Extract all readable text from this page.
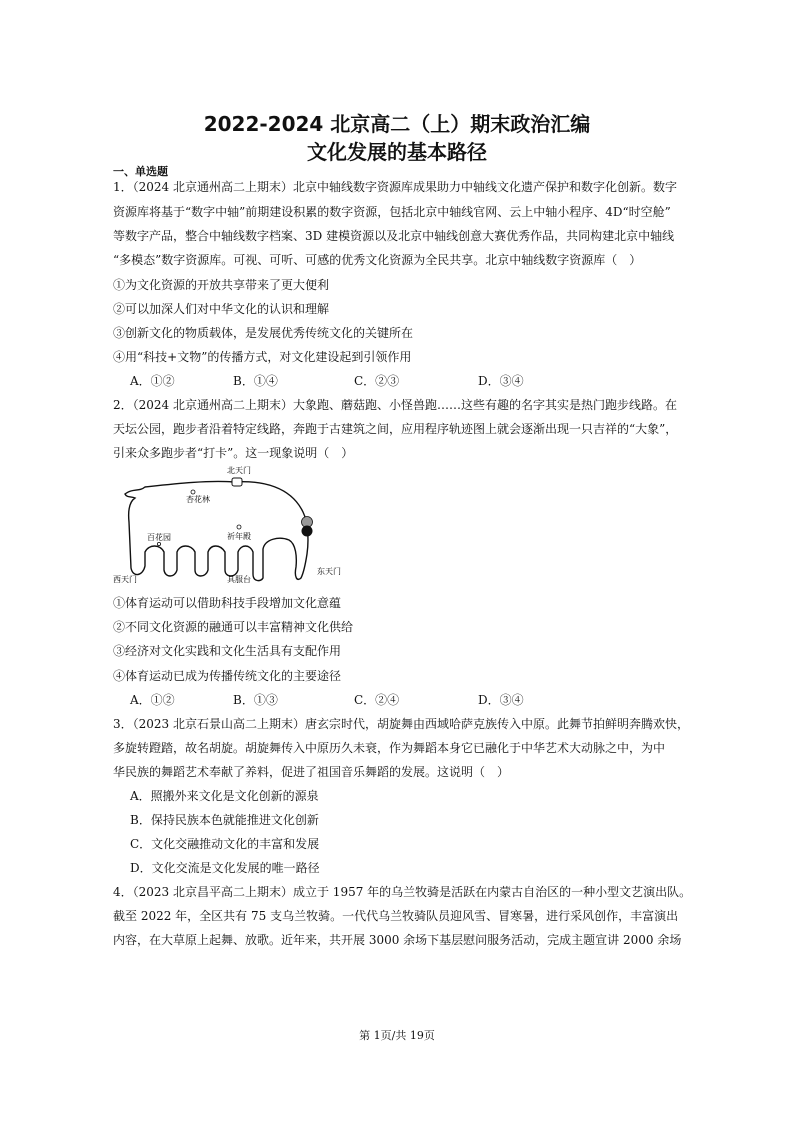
2022-2024 北京高二（上）期末政治汇编
文化发展的基本路径
一、单选题
1．（2024 北京通州高二上期末）北京中轴线数字资源库成果助力中轴线文化遗产保护和数字化创新。数字
资源库将基于“数字中轴”前期建设积累的数字资源，包括北京中轴线官网、云上中轴小程序、4D“时空舱”
等数字产品，整合中轴线数字档案、3D 建模资源以及北京中轴线创意大赛优秀作品，共同构建北京中轴线
“多模态”数字资源库。可视、可听、可感的优秀文化资源为全民共享。北京中轴线数字资源库（　）
①为文化资源的开放共享带来了更大便利
②可以加深人们对中华文化的认识和理解
③创新文化的物质载体，是发展优秀传统文化的关键所在
④用“科技+文物”的传播方式，对文化建设起到引领作用
A．①②	B．①④	C．②③	D．③④
2．（2024 北京通州高二上期末）大象跑、蘑菇跑、小怪兽跑……这些有趣的名字其实是热门跑步线路。在
天坛公园，跑步者沿着特定线路，奔跑于古建筑之间，应用程序轨迹图上就会逐渐出现一只吉祥的“大象”，
引来众多跑步者“打卡”。这一现象说明（　）
北天门
杏花林
百花园	祈年殿
西天门	具服台
东天门
①体育运动可以借助科技手段增加文化意蕴
②不同文化资源的融通可以丰富精神文化供给
③经济对文化实践和文化生活具有支配作用
④体育运动已成为传播传统文化的主要途径
A．①②	B．①③	C．②④	D．③④
3．（2023 北京石景山高二上期末）唐玄宗时代，胡旋舞由西域哈萨克族传入中原。此舞节拍鲜明奔腾欢快，
多旋转蹬踏，故名胡旋。胡旋舞传入中原历久未衰，作为舞蹈本身它已融化于中华艺术大动脉之中，为中
华民族的舞蹈艺术奉献了养料，促进了祖国音乐舞蹈的发展。这说明（　）
A．照搬外来文化是文化创新的源泉
B．保持民族本色就能推进文化创新
C．文化交融推动文化的丰富和发展
D．文化交流是文化发展的唯一路径
4．（2023 北京昌平高二上期末）成立于 1957 年的乌兰牧骑是活跃在内蒙古自治区的一种小型文艺演出队。
截至 2022 年，全区共有 75 支乌兰牧骑。一代代乌兰牧骑队员迎风雪、冒寒暑，进行采风创作，丰富演出
内容，在大草原上起舞、放歌。近年来，共开展 3000 余场下基层慰问服务活动，完成主题宣讲 2000 余场
第 1页/共 19页
